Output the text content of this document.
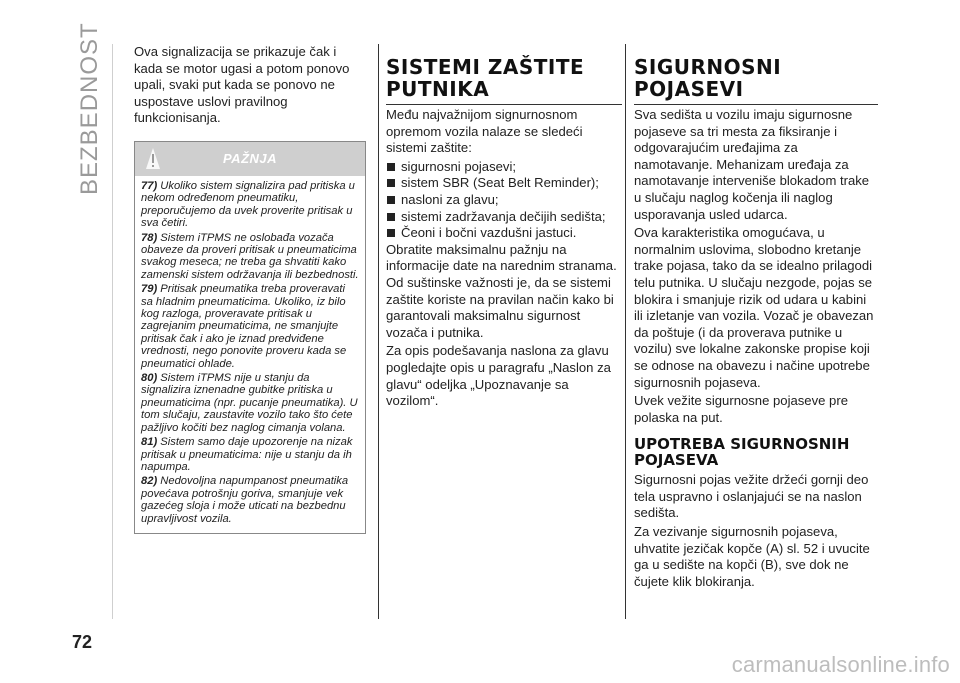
BEZBEDNOST Ova signalizacija se prikazuje čak i kada se motor ugasi a potom ponovo upali, svaki put kada se ponovo ne uspostave uslovi pravilnog funkcionisanja.

PAŽNJA

77) Ukoliko sistem signalizira pad pritiska u nekom određenom pneumatiku, preporučujemo da uvek proverite pritisak u sva četiri.

78) Sistem iTPMS ne oslobađa vozača obaveze da proveri pritisak u pneumaticima svakog meseca; ne treba ga shvatiti kako zamenski sistem održavanja ili bezbednosti.

79) Pritisak pneumatika treba proveravati sa hladnim pneumaticima. Ukoliko, iz bilo kog razloga, proveravate pritisak u zagrejanim pneumaticima, ne smanjujte pritisak čak i ako je iznad predviđene vrednosti, nego ponovite proveru kada se pneumatici ohlade.

80) Sistem iTPMS nije u stanju da signalizira iznenadne gubitke pritiska u pneumaticima (npr. pucanje pneumatika). U tom slučaju, zaustavite vozilo tako što ćete pažljivo kočiti bez naglog cimanja volana.

81) Sistem samo daje upozorenje na nizak pritisak u pneumaticima: nije u stanju da ih napumpa.

82) Nedovoljna napumpanost pneumatika povećava potrošnju goriva, smanjuje vek gazećeg sloja i može uticati na bezbednu upravljivost vozila.

SISTEMI ZAŠTITE PUTNIKA

Među najvažnijom signurnosnom opremom vozila nalaze se sledeći sistemi zaštite:

sigurnosni pojasevi;
sistem SBR (Seat Belt Reminder);
nasloni za glavu;
sistemi zadržavanja dečijih sedišta;
Čeoni i bočni vazdušni jastuci.

Obratite maksimalnu pažnju na informacije date na narednim stranama. Od suštinske važnosti je, da se sistemi zaštite koriste na pravilan način kako bi garantovali maksimalnu sigurnost vozača i putnika.

Za opis podešavanja naslona za glavu pogledajte opis u paragrafu „Naslon za glavu“ odeljka „Upoznavanje sa vozilom“.

SIGURNOSNI POJASEVI

Sva sedišta u vozilu imaju sigurnosne pojaseve sa tri mesta za fiksiranje i odgovarajućim uređajima za namotavanje. Mehanizam uređaja za namotavanje interveniše blokadom trake u slučaju naglog kočenja ili naglog usporavanja usled udarca.

Ova karakteristika omogućava, u normalnim uslovima, slobodno kretanje trake pojasa, tako da se idealno prilagodi telu putnika. U slučaju nezgode, pojas se blokira i smanjuje rizik od udara u kabini ili izletanje van vozila. Vozač je obavezan da poštuje (i da proverava putnike u vozilu) sve lokalne zakonske propise koji se odnose na obavezu i načine upotrebe sigurnosnih pojaseva.

Uvek vežite sigurnosne pojaseve pre polaska na put.

UPOTREBA SIGURNOSNIH POJASEVA

Sigurnosni pojas vežite držeći gornji deo tela uspravno i oslanjajući se na naslon sedišta.

Za vezivanje sigurnosnih pojaseva, uhvatite jezičak kopče (A) sl. 52 i uvucite ga u sedište na kopči (B), sve dok ne čujete klik blokiranja.

72
carmanualsonline.info
